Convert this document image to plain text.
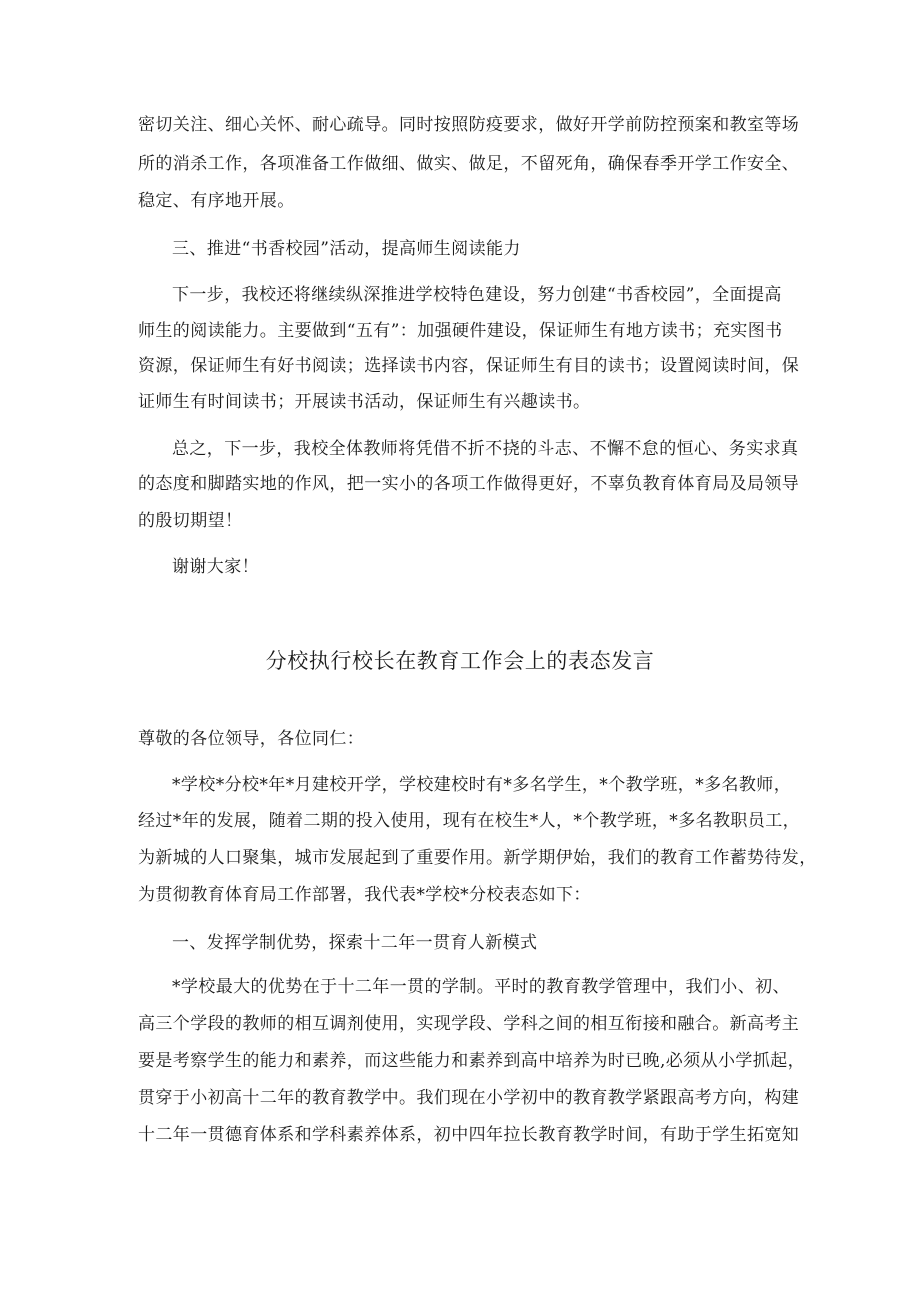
密切关注、细心关怀、耐心疏导。同时按照防疫要求，做好开学前防控预案和教室等场
所的消杀工作，各项准备工作做细、做实、做足，不留死角，确保春季开学工作安全、
稳定、有序地开展。
三、推进“书香校园”活动，提高师生阅读能力
下一步，我校还将继续纵深推进学校特色建设，努力创建“书香校园”，全面提高
师生的阅读能力。主要做到“五有”：加强硬件建设，保证师生有地方读书；充实图书
资源，保证师生有好书阅读；选择读书内容，保证师生有目的读书；设置阅读时间，保
证师生有时间读书；开展读书活动，保证师生有兴趣读书。
总之，下一步，我校全体教师将凭借不折不挠的斗志、不懈不怠的恒心、务实求真
的态度和脚踏实地的作风，把一实小的各项工作做得更好，不辜负教育体育局及局领导
的殷切期望！
谢谢大家！
分校执行校长在教育工作会上的表态发言
尊敬的各位领导，各位同仁：
*学校*分校*年*月建校开学，学校建校时有*多名学生，*个教学班，*多名教师，
经过*年的发展，随着二期的投入使用，现有在校生*人，*个教学班，*多名教职员工，
为新城的人口聚集，城市发展起到了重要作用。新学期伊始，我们的教育工作蓄势待发，
为贯彻教育体育局工作部署，我代表*学校*分校表态如下：
一、发挥学制优势，探索十二年一贯育人新模式
*学校最大的优势在于十二年一贯的学制。平时的教育教学管理中，我们小、初、
高三个学段的教师的相互调剂使用，实现学段、学科之间的相互衔接和融合。新高考主
要是考察学生的能力和素养，而这些能力和素养到高中培养为时已晚,必须从小学抓起，
贯穿于小初高十二年的教育教学中。我们现在小学初中的教育教学紧跟高考方向，构建
十二年一贯德育体系和学科素养体系，初中四年拉长教育教学时间，有助于学生拓宽知
